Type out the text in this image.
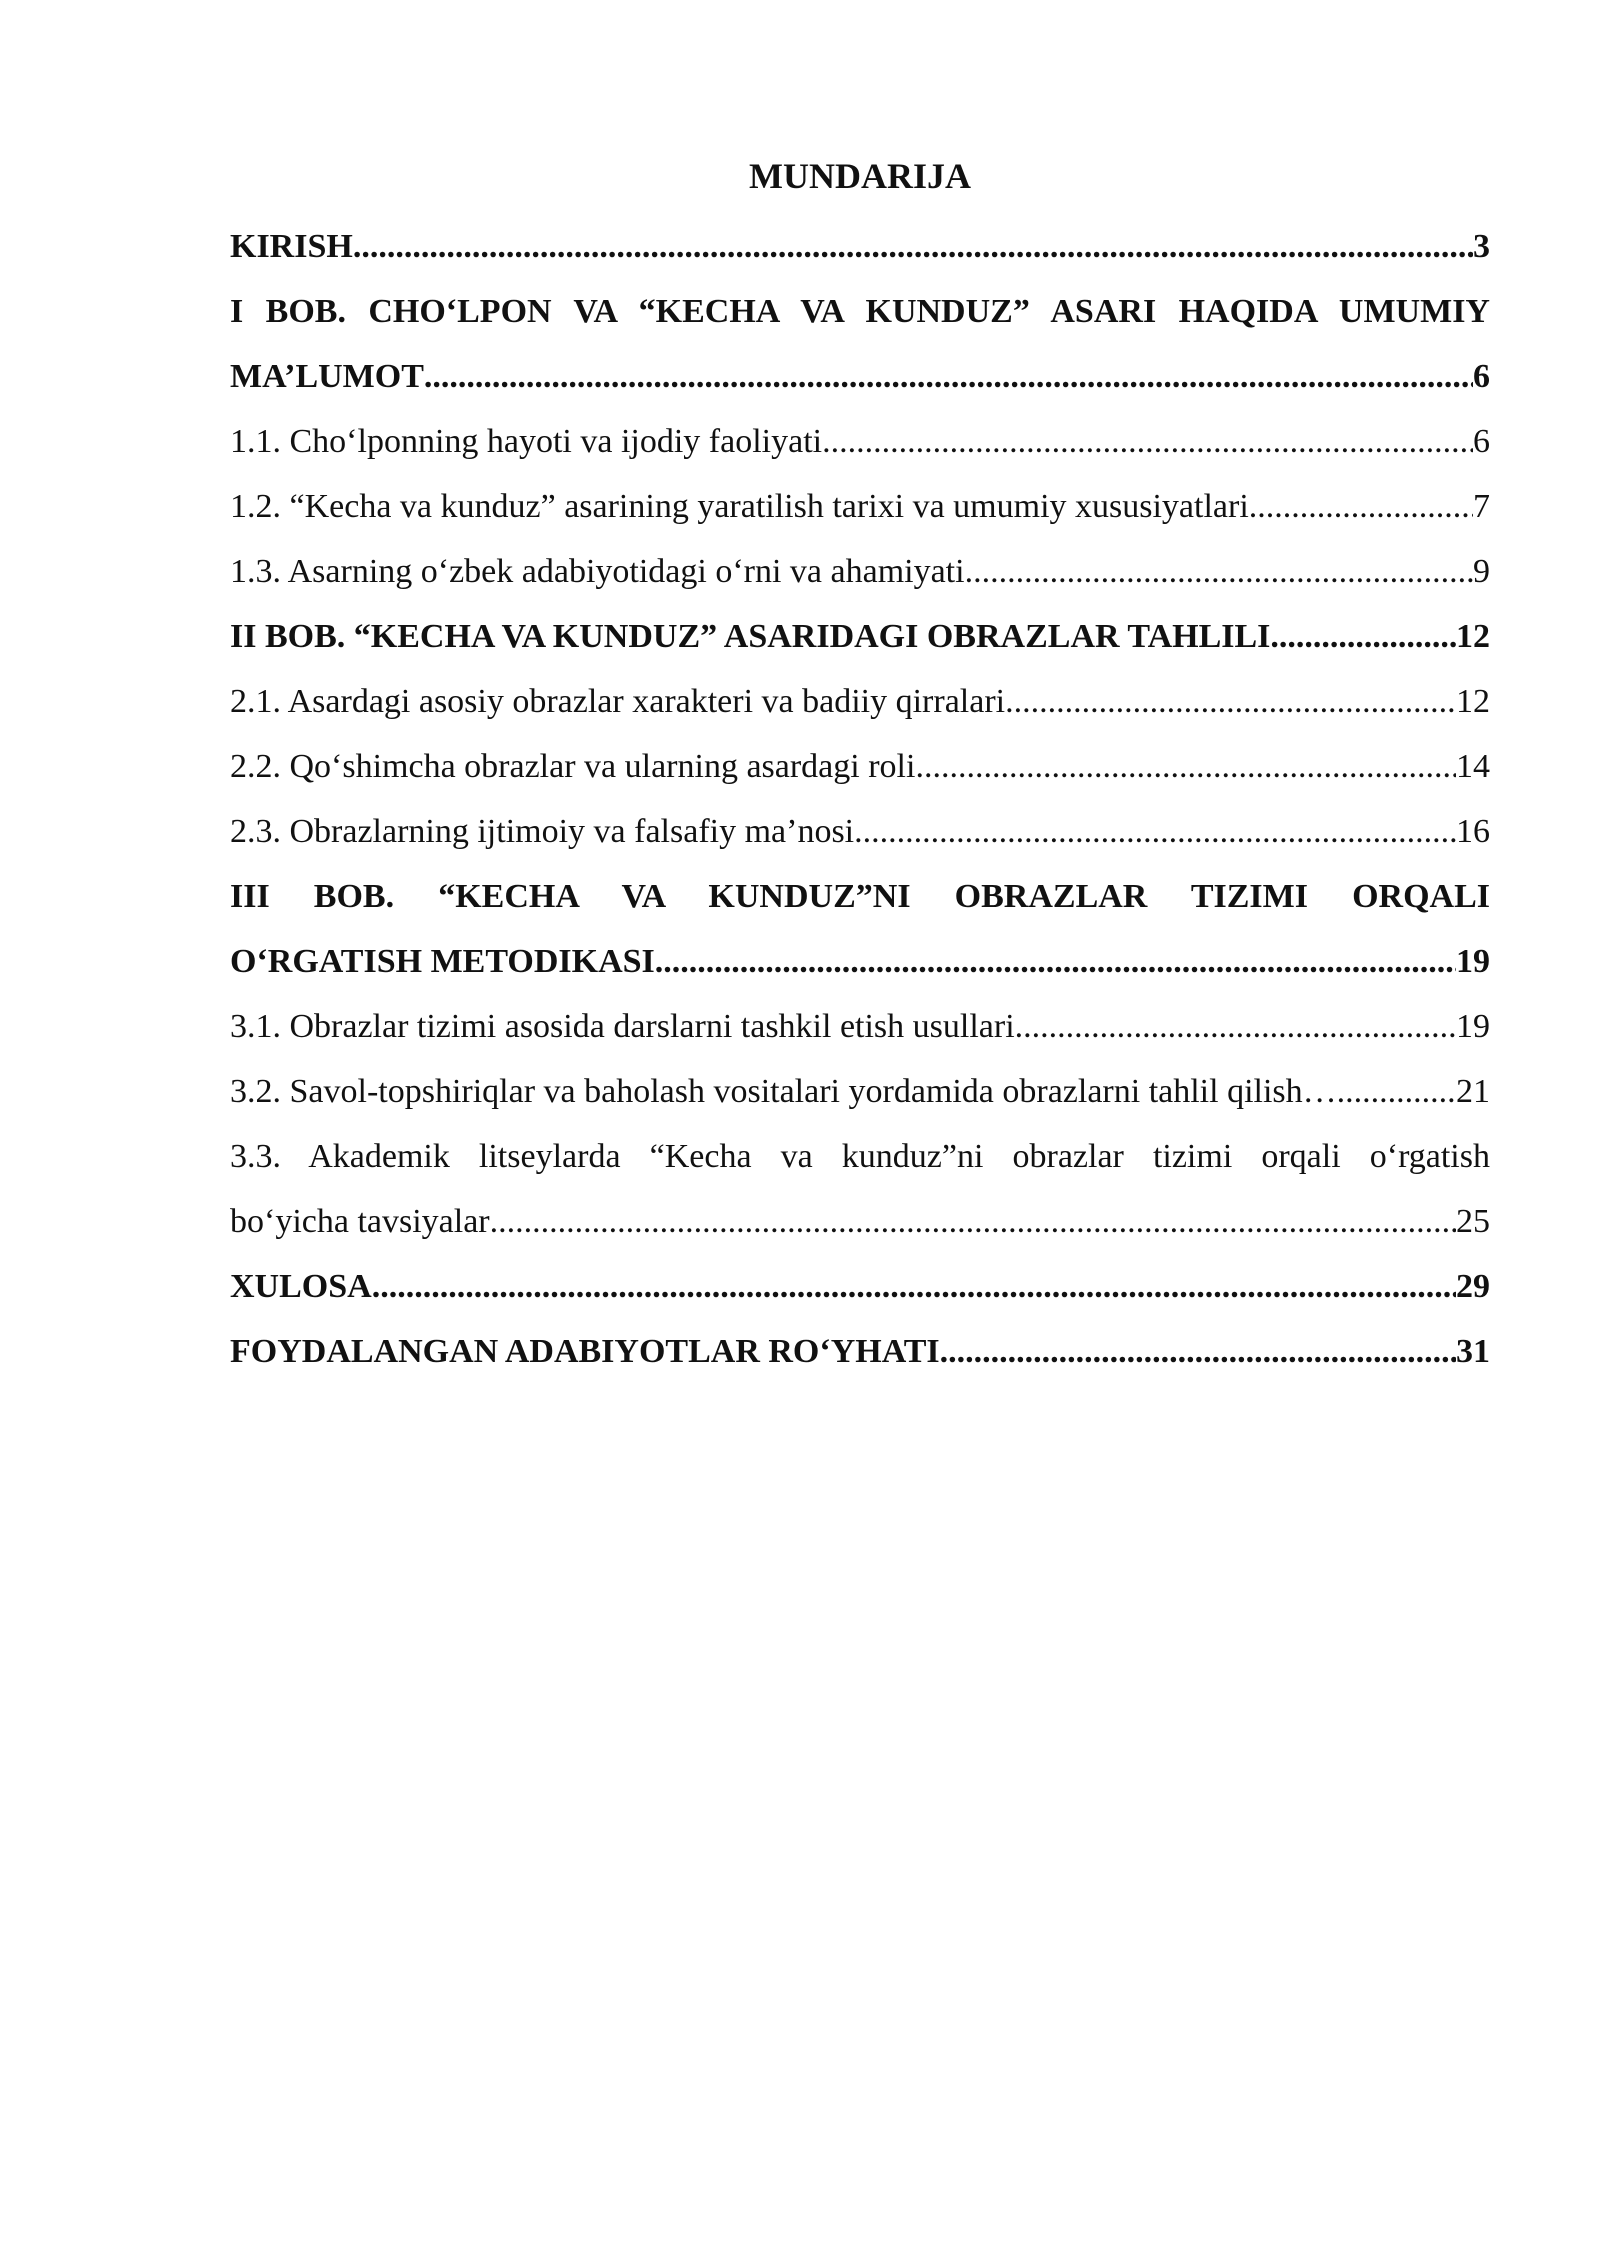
MUNDARIJA
KIRISH .....	3
I BOB. CHO‘LPON VA “KECHA VA KUNDUZ” ASARI HAQIDA UMUMIY
MA’LUMOT .....	6
1.1. Cho‘lponning hayoti va ijodiy faoliyati .....	6
1.2. “Kecha va kunduz” asarining yaratilish tarixi va umumiy xususiyatlari .....	7
1.3. Asarning o‘zbek adabiyotidagi o‘rni va ahamiyati .....	9
II BOB. “KECHA VA KUNDUZ” ASARIDAGI OBRAZLAR TAHLILI .....	12
2.1. Asardagi asosiy obrazlar xarakteri va badiiy qirralari .....	12
2.2. Qo‘shimcha obrazlar va ularning asardagi roli .....	14
2.3. Obrazlarning ijtimoiy va falsafiy ma’nosi .....	16
III BOB. “KECHA VA KUNDUZ”NI OBRAZLAR TIZIMI ORQALI
O‘RGATISH METODIKASI .....	19
3.1. Obrazlar tizimi asosida darslarni tashkil etish usullari .....	19
3.2. Savol-topshiriqlar va baholash vositalari yordamida obrazlarni tahlil qilish… .....	21
3.3. Akademik litseylarda “Kecha va kunduz”ni obrazlar tizimi orqali o‘rgatish
bo‘yicha tavsiyalar .....	25
XULOSA .....	29
FOYDALANGAN ADABIYOTLAR RO‘YHATI .....	31
